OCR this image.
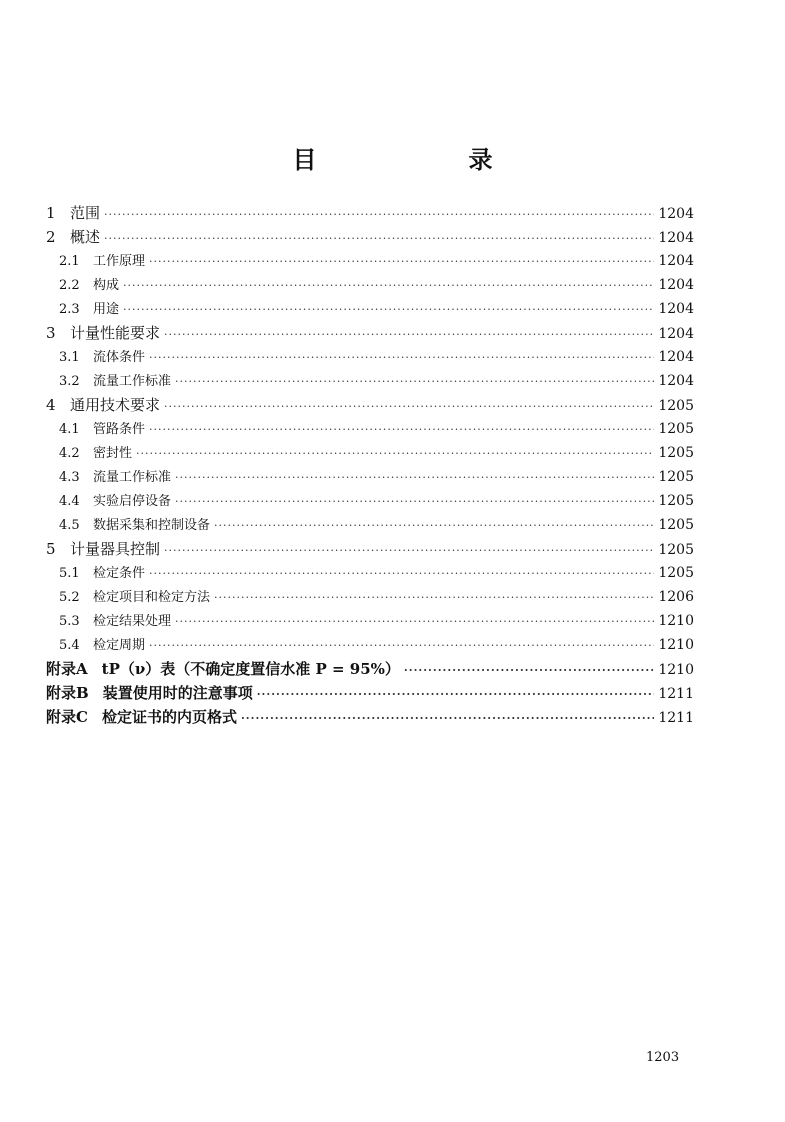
目　录
1 范围 ·····	1204
2 概述 ·····	1204
2.1	工作原理 ·····	1204
2.2	构成 ·····	1204
2.3	用途 ·····	1204
3 计量性能要求 ·····	1204
3.1	流体条件 ·····	1204
3.2	流量工作标准 ·····	1204
4 通用技术要求 ·····	1205
4.1	管路条件 ·····	1205
4.2	密封性 ·····	1205
4.3	流量工作标准 ·····	1205
4.4	实验启停设备 ·····	1205
4.5	数据采集和控制设备 ·····	1205
5 计量器具控制 ·····	1205
5.1	检定条件 ·····	1205
5.2	检定项目和检定方法 ·····	1206
5.3	检定结果处理 ·····	1210
5.4	检定周期 ·····	1210
附录A tP（ν）表（不确定度置信水准 P = 95%） ·····	1210
附录B 装置使用时的注意事项 ·····	1211
附录C 检定证书的内页格式 ·····	1211
1203
